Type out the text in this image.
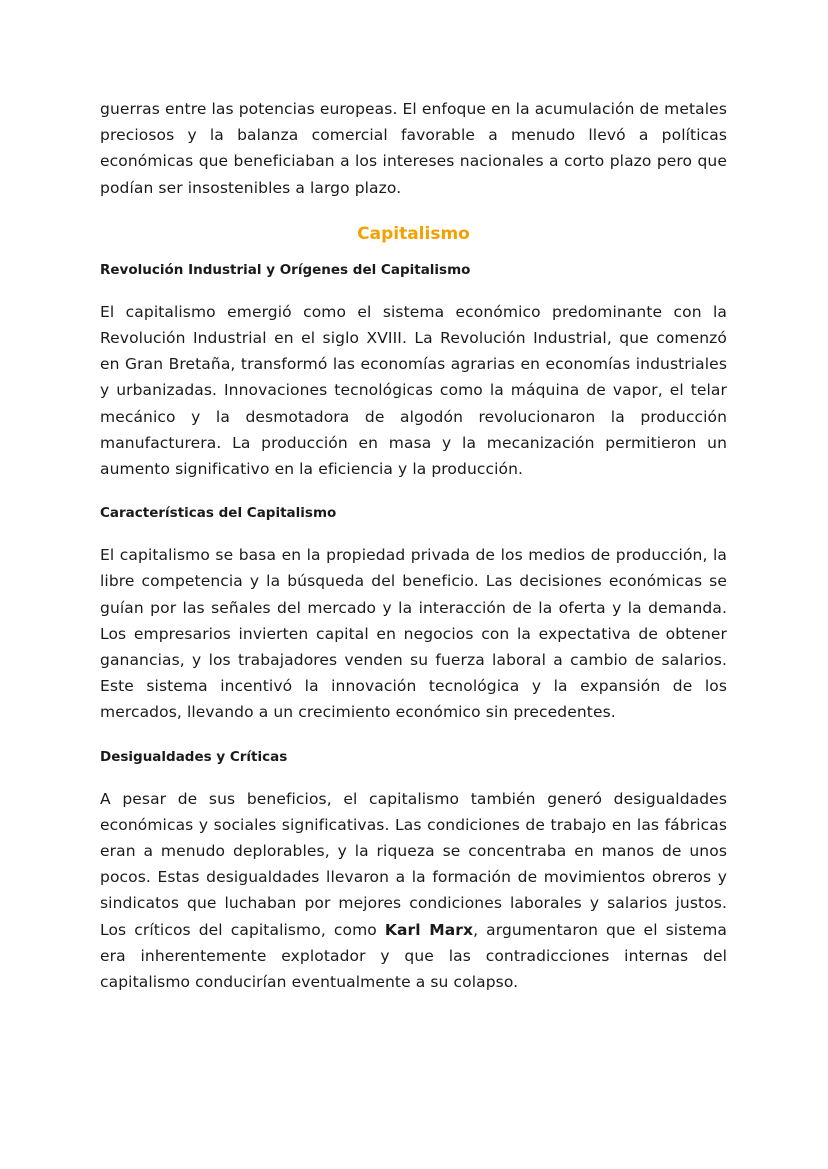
guerras entre las potencias europeas. El enfoque en la acumulación de metales preciosos y la balanza comercial favorable a menudo llevó a políticas económicas que beneficiaban a los intereses nacionales a corto plazo pero que podían ser insostenibles a largo plazo.

Capitalismo
Revolución Industrial y Orígenes del Capitalismo

El capitalismo emergió como el sistema económico predominante con la Revolución Industrial en el siglo XVIII. La Revolución Industrial, que comenzó en Gran Bretaña, transformó las economías agrarias en economías industriales y urbanizadas. Innovaciones tecnológicas como la máquina de vapor, el telar mecánico y la desmotadora de algodón revolucionaron la producción manufacturera. La producción en masa y la mecanización permitieron un aumento significativo en la eficiencia y la producción.

Características del Capitalismo

El capitalismo se basa en la propiedad privada de los medios de producción, la libre competencia y la búsqueda del beneficio. Las decisiones económicas se guían por las señales del mercado y la interacción de la oferta y la demanda. Los empresarios invierten capital en negocios con la expectativa de obtener ganancias, y los trabajadores venden su fuerza laboral a cambio de salarios. Este sistema incentivó la innovación tecnológica y la expansión de los mercados, llevando a un crecimiento económico sin precedentes.

Desigualdades y Críticas

A pesar de sus beneficios, el capitalismo también generó desigualdades económicas y sociales significativas. Las condiciones de trabajo en las fábricas eran a menudo deplorables, y la riqueza se concentraba en manos de unos pocos. Estas desigualdades llevaron a la formación de movimientos obreros y sindicatos que luchaban por mejores condiciones laborales y salarios justos. Los críticos del capitalismo, como Karl Marx, argumentaron que el sistema era inherentemente explotador y que las contradicciones internas del capitalismo conducirían eventualmente a su colapso.
